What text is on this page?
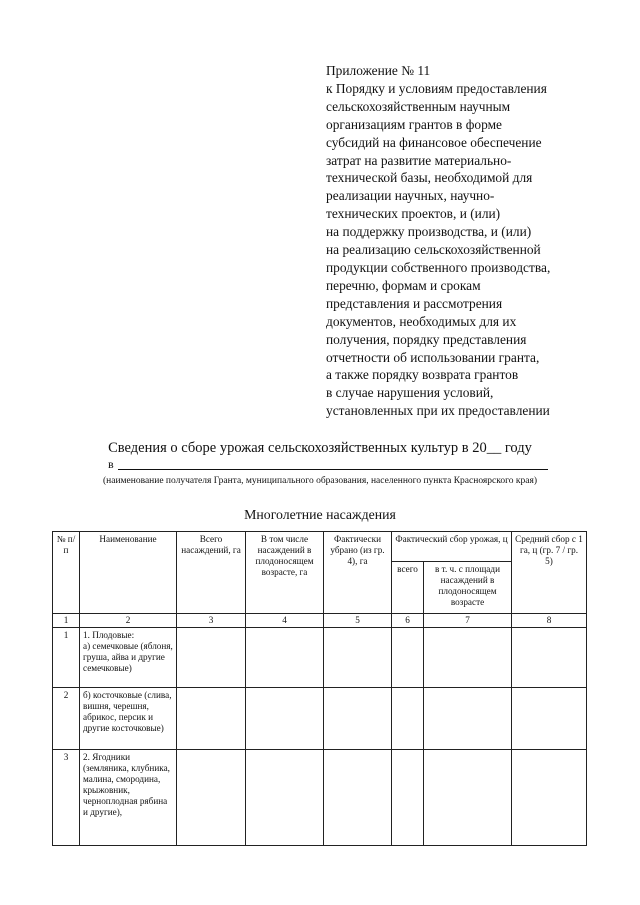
Приложение № 11
к Порядку и условиям предоставления
сельскохозяйственным научным
организациям грантов в форме
субсидий на финансовое обеспечение
затрат на развитие материально-
технической базы, необходимой для
реализации научных, научно-
технических проектов, и (или)
на поддержку производства, и (или)
на реализацию сельскохозяйственной
продукции собственного производства,
перечню, формам и срокам
представления и рассмотрения
документов, необходимых для их
получения, порядку представления
отчетности об использовании гранта,
а также порядку возврата грантов
в случае нарушения условий,
установленных при их предоставлении
Сведения о сборе урожая сельскохозяйственных культур в 20__ году
в
(наименование получателя Гранта, муниципального образования, населенного пункта Красноярского края)
Многолетние насаждения
№ п/п	Наименование	Всего насаждений, га	В том числе насаждений в плодоносящем возрасте, га	Фактически убрано (из гр. 4), га	Фактический сбор урожая, ц		Средний сбор с 1 га, ц (гр. 7 / гр. 5)
					всего	в т. ч. с площади насаждений в плодоносящем возрасте	
1	2	3	4	5	6	7	8
1	1. Плодовые:
а) семечковые (яблоня, груша, айва и другие семечковые)						
2	б) косточковые (слива, вишня, черешня, абрикос, персик и другие косточковые)						
3	2. Ягодники (земляника, клубника, малина, смородина, крыжовник, черноплодная рябина и другие),						
